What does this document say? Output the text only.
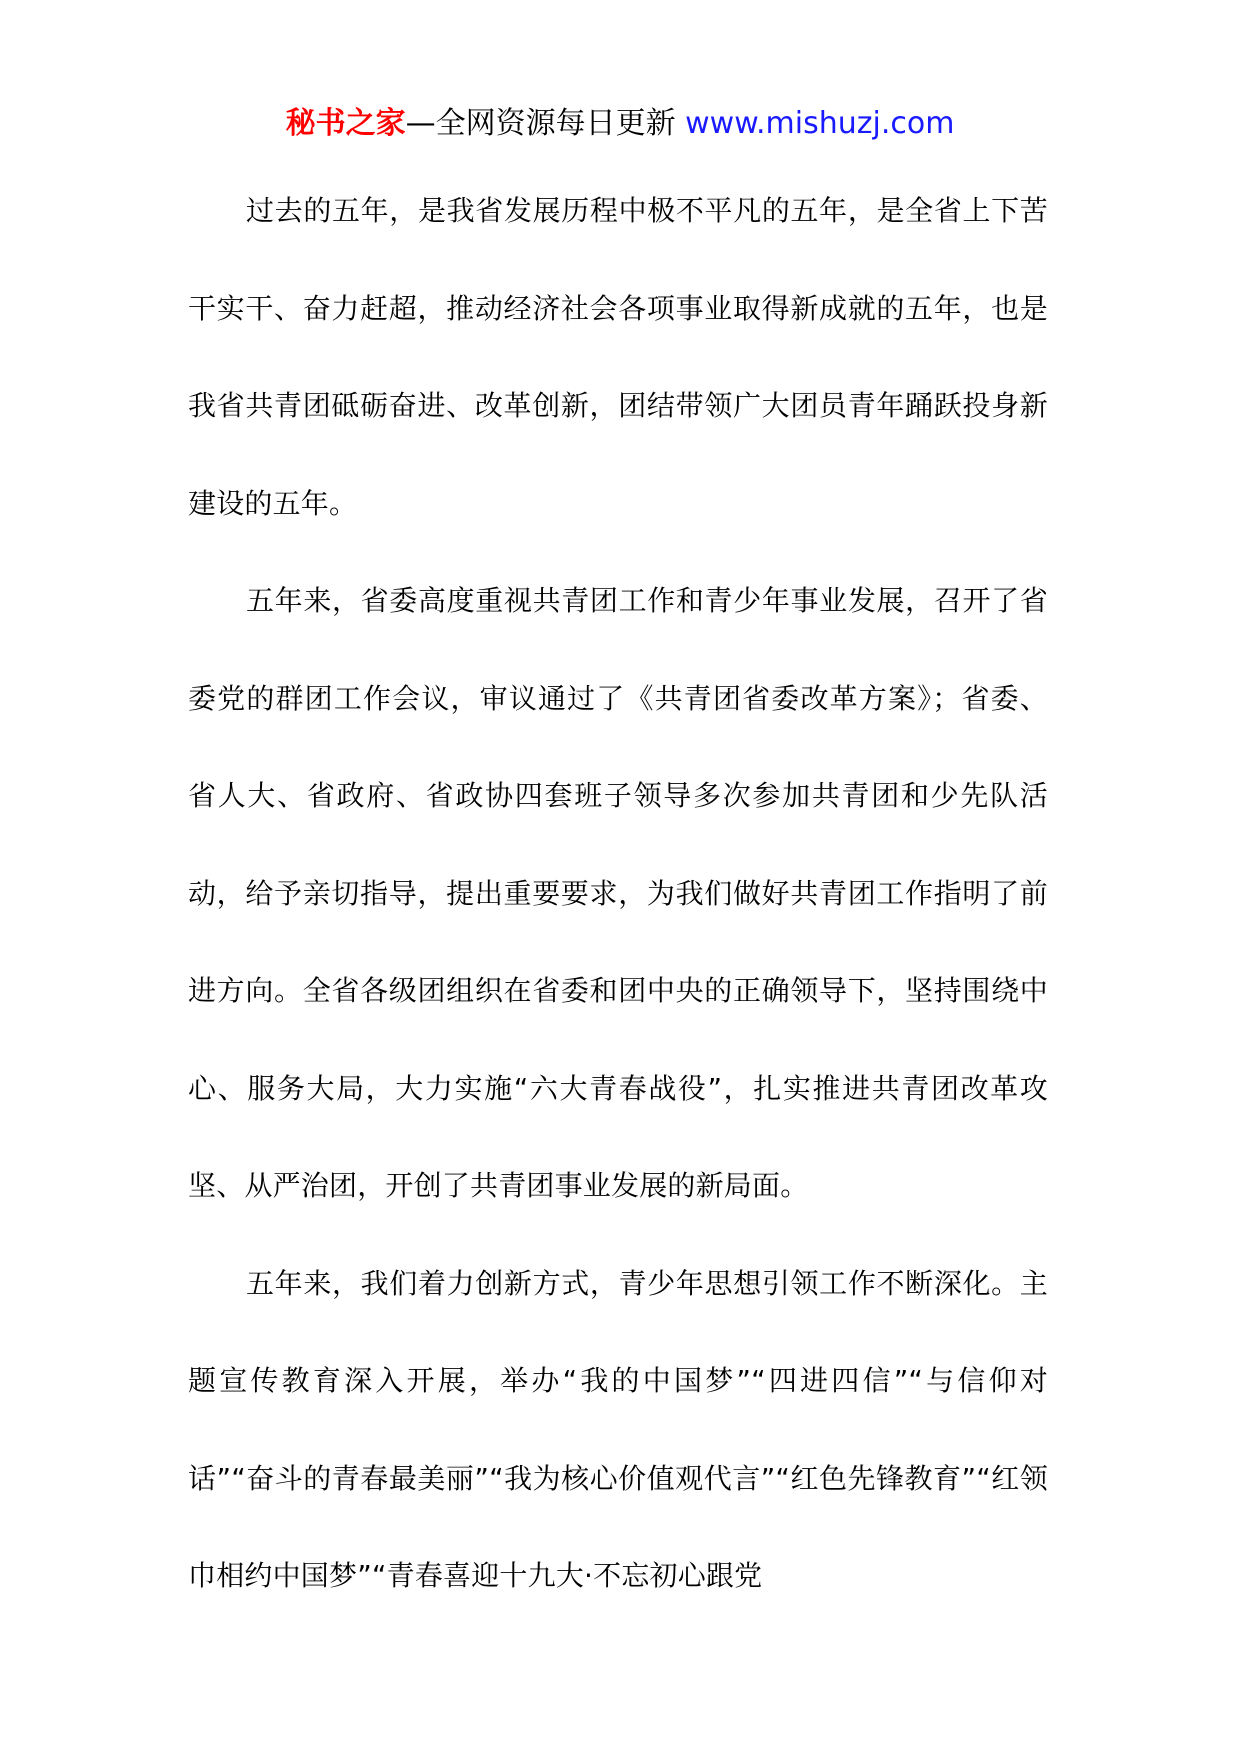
秘书之家—全网资源每日更新 www.mishuzj.com

过去的五年，是我省发展历程中极不平凡的五年，是全省上下苦干实干、奋力赶超，推动经济社会各项事业取得新成就的五年，也是我省共青团砥砺奋进、改革创新，团结带领广大团员青年踊跃投身新建设的五年。

五年来，省委高度重视共青团工作和青少年事业发展，召开了省委党的群团工作会议，审议通过了《共青团省委改革方案》；省委、省人大、省政府、省政协四套班子领导多次参加共青团和少先队活动，给予亲切指导，提出重要要求，为我们做好共青团工作指明了前进方向。全省各级团组织在省委和团中央的正确领导下，坚持围绕中心、服务大局，大力实施“六大青春战役”，扎实推进共青团改革攻坚、从严治团，开创了共青团事业发展的新局面。

五年来，我们着力创新方式，青少年思想引领工作不断深化。主题宣传教育深入开展，举办“我的中国梦”“四进四信”“与信仰对话”“奋斗的青春最美丽”“我为核心价值观代言”“红色先锋教育”“红领巾相约中国梦”“青春喜迎十九大·不忘初心跟党
